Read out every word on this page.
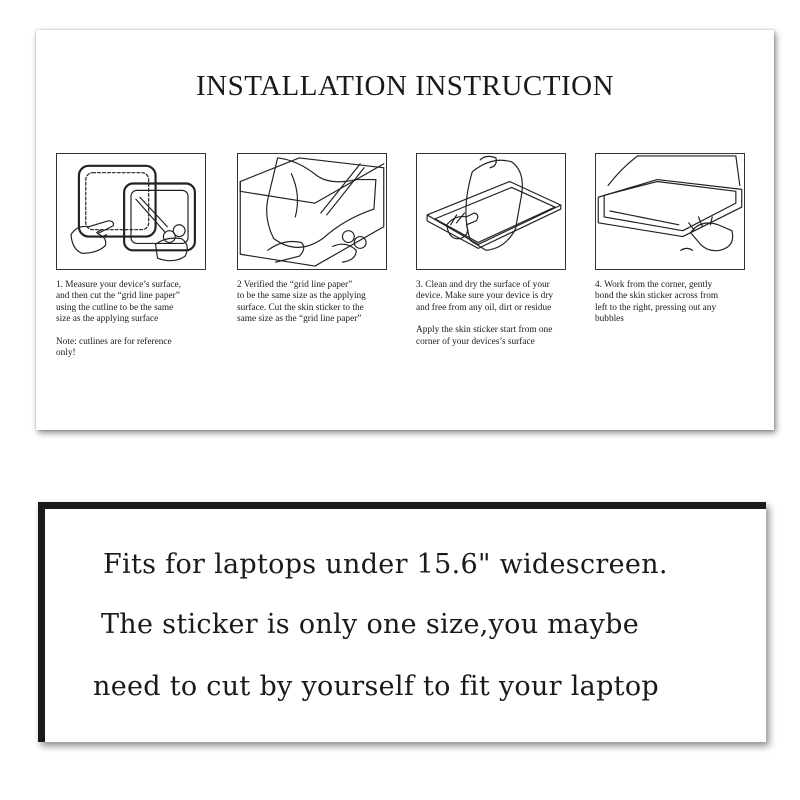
INSTALLATION INSTRUCTION

1. Measure your device’s surface,

and then cut the “grid line paper”

using the cutline to be the same

size as the applying surface

Note: cutlines are for reference

only!

2 Verified the “grid line paper”

to be the same size as the applying

surface. Cut the skin sticker to the

same size as the “grid line paper”

3. Clean and dry the surface of your

device. Make sure your device is dry

and free from any oil, dirt or residue

Apply the skin sticker start from one

corner of your devices’s surface

4. Work from the corner, gently

bond the skin sticker across from

left to the right, pressing out any

bubbles

Fits for laptops under 15.6" widescreen.
The sticker is only one size,you maybe
need to cut by yourself to fit your laptop
